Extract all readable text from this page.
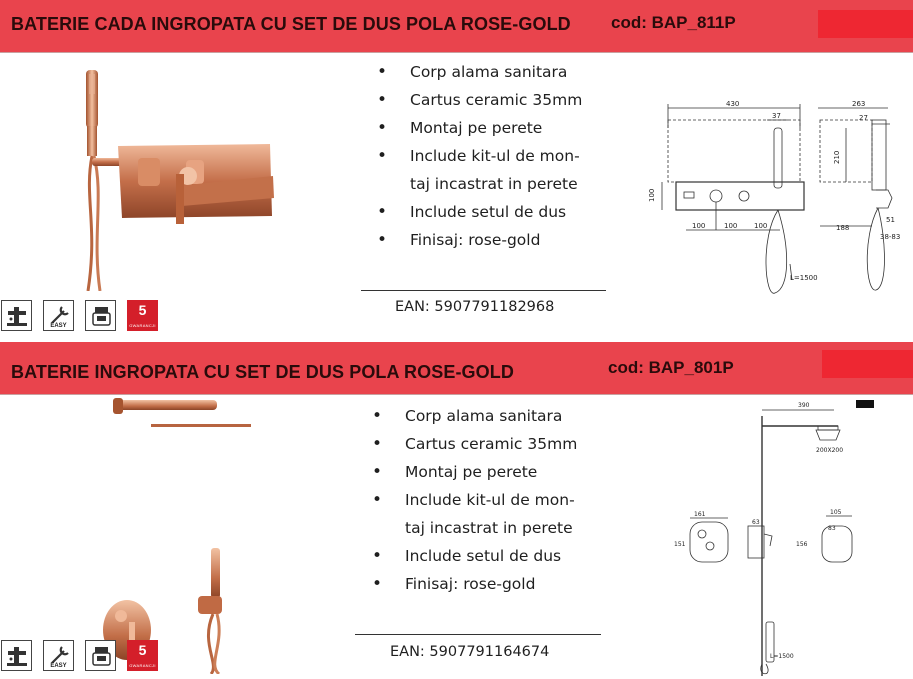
BATERIE CADA INGROPATA CU SET DE DUS POLA ROSE-GOLD cod: BAP_811P
• Corp alama sanitara
• Cartus ceramic 35mm
• Montaj pe perete
• Include kit-ul de mon-
taj incastrat in perete
• Include setul de dus
• Finisaj: rose-gold
EAN: 5907791182968
430
37
100
100	100 100
L=1500
263
27
210
188
51
38-83
EASY
5
GWARANCJI
BATERIE INGROPATA CU SET DE DUS POLA ROSE-GOLD	cod: BAP_801P
• Corp alama sanitara
• Cartus ceramic 35mm
• Montaj pe perete
• Include kit-ul de mon-
taj incastrat in perete
• Include setul de dus
• Finisaj: rose-gold
EAN: 5907791164674
390
200X200
161
151
63
105
83
156
L=1500
EASY
5
GWARANCJI
